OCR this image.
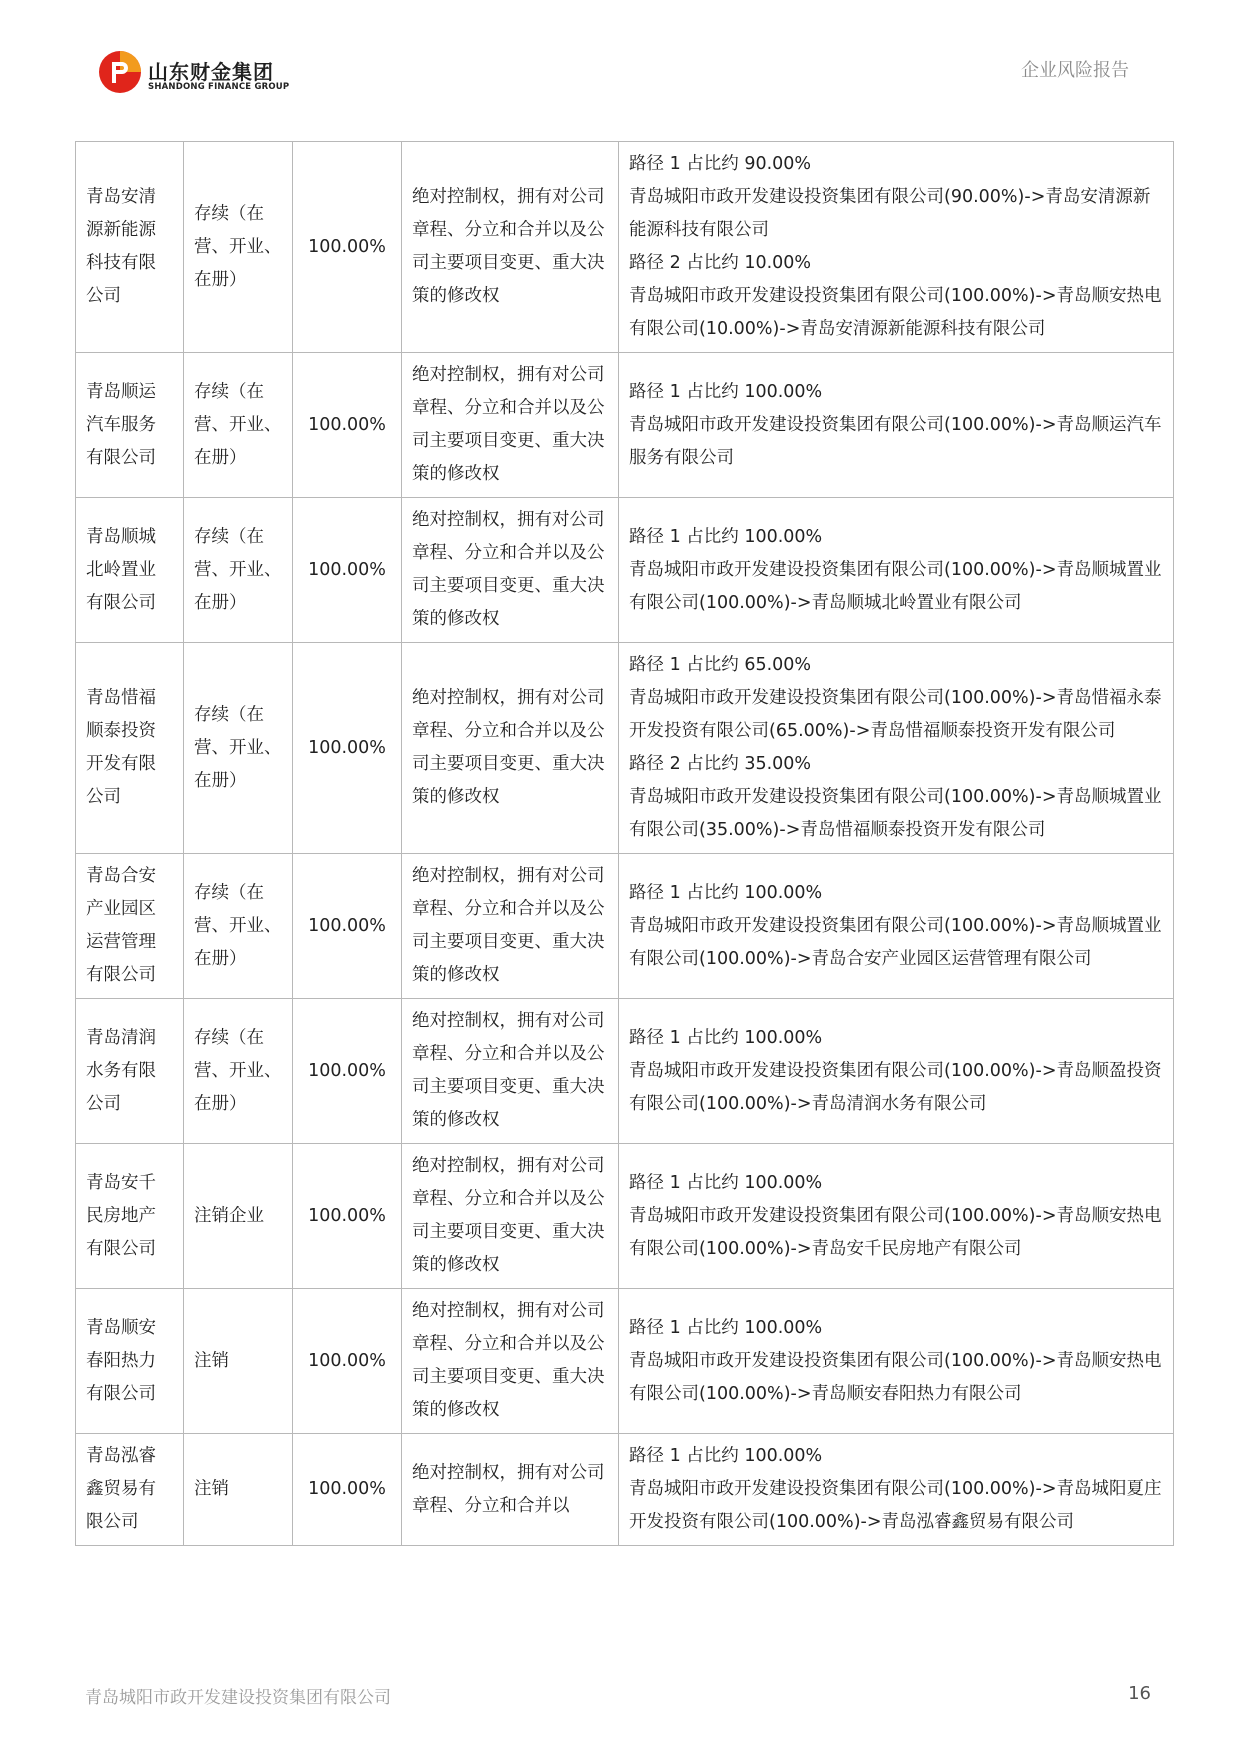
山东财金集团
SHANDONG FINANCE GROUP
企业风险报告
青岛安清源新能源科技有限公司	存续（在营、开业、在册）	100.00%	绝对控制权，拥有对公司章程、分立和合并以及公司主要项目变更、重大决策的修改权	路径 1 占比约 90.00%
青岛城阳市政开发建设投资集团有限公司(90.00%)->青岛安清源新能源科技有限公司
路径 2 占比约 10.00%
青岛城阳市政开发建设投资集团有限公司(100.00%)->青岛顺安热电有限公司(10.00%)->青岛安清源新能源科技有限公司

青岛顺运汽车服务有限公司	存续（在营、开业、在册）	100.00%	绝对控制权，拥有对公司章程、分立和合并以及公司主要项目变更、重大决策的修改权	路径 1 占比约 100.00%
青岛城阳市政开发建设投资集团有限公司(100.00%)->青岛顺运汽车服务有限公司

青岛顺城北岭置业有限公司	存续（在营、开业、在册）	100.00%	绝对控制权，拥有对公司章程、分立和合并以及公司主要项目变更、重大决策的修改权	路径 1 占比约 100.00%
青岛城阳市政开发建设投资集团有限公司(100.00%)->青岛顺城置业有限公司(100.00%)->青岛顺城北岭置业有限公司

青岛惜福顺泰投资开发有限公司	存续（在营、开业、在册）	100.00%	绝对控制权，拥有对公司章程、分立和合并以及公司主要项目变更、重大决策的修改权	路径 1 占比约 65.00%
青岛城阳市政开发建设投资集团有限公司(100.00%)->青岛惜福永泰开发投资有限公司(65.00%)->青岛惜福顺泰投资开发有限公司
路径 2 占比约 35.00%
青岛城阳市政开发建设投资集团有限公司(100.00%)->青岛顺城置业有限公司(35.00%)->青岛惜福顺泰投资开发有限公司

青岛合安产业园区运营管理有限公司	存续（在营、开业、在册）	100.00%	绝对控制权，拥有对公司章程、分立和合并以及公司主要项目变更、重大决策的修改权	路径 1 占比约 100.00%
青岛城阳市政开发建设投资集团有限公司(100.00%)->青岛顺城置业有限公司(100.00%)->青岛合安产业园区运营管理有限公司

青岛清润水务有限公司	存续（在营、开业、在册）	100.00%	绝对控制权，拥有对公司章程、分立和合并以及公司主要项目变更、重大决策的修改权	路径 1 占比约 100.00%
青岛城阳市政开发建设投资集团有限公司(100.00%)->青岛顺盈投资有限公司(100.00%)->青岛清润水务有限公司

青岛安千民房地产有限公司	注销企业	100.00%	绝对控制权，拥有对公司章程、分立和合并以及公司主要项目变更、重大决策的修改权	路径 1 占比约 100.00%
青岛城阳市政开发建设投资集团有限公司(100.00%)->青岛顺安热电有限公司(100.00%)->青岛安千民房地产有限公司

青岛顺安春阳热力有限公司	注销	100.00%	绝对控制权，拥有对公司章程、分立和合并以及公司主要项目变更、重大决策的修改权	路径 1 占比约 100.00%
青岛城阳市政开发建设投资集团有限公司(100.00%)->青岛顺安热电有限公司(100.00%)->青岛顺安春阳热力有限公司

青岛泓睿鑫贸易有限公司	注销	100.00%	绝对控制权，拥有对公司章程、分立和合并以	路径 1 占比约 100.00%
青岛城阳市政开发建设投资集团有限公司(100.00%)->青岛城阳夏庄开发投资有限公司(100.00%)->青岛泓睿鑫贸易有限公司
青岛城阳市政开发建设投资集团有限公司	16
